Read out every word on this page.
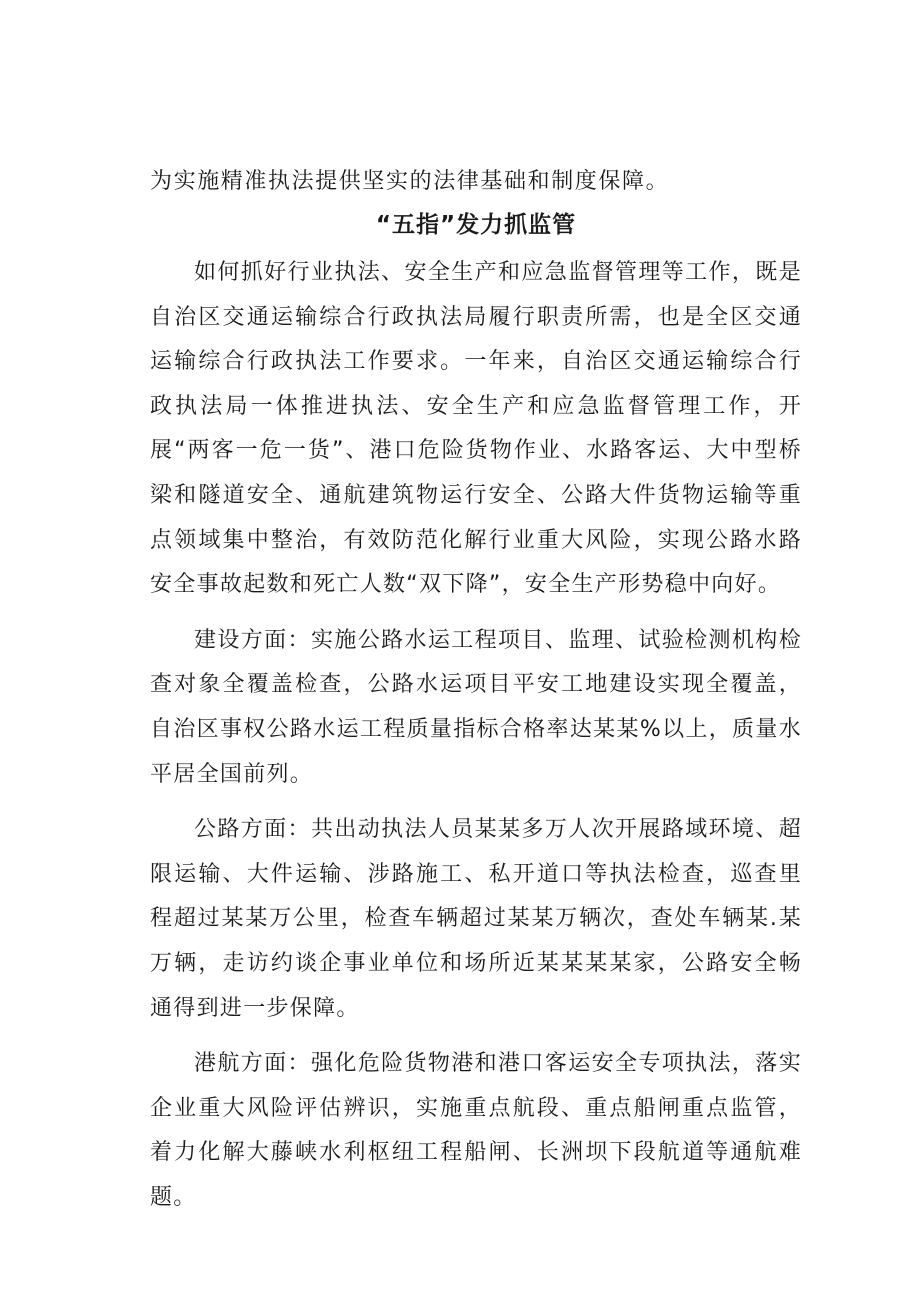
为实施精准执法提供坚实的法律基础和制度保障。

“五指”发力抓监管

如何抓好行业执法、安全生产和应急监督管理等工作，既是自治区交通运输综合行政执法局履行职责所需，也是全区交通运输综合行政执法工作要求。一年来，自治区交通运输综合行政执法局一体推进执法、安全生产和应急监督管理工作，开展“两客一危一货”、港口危险货物作业、水路客运、大中型桥梁和隧道安全、通航建筑物运行安全、公路大件货物运输等重点领域集中整治，有效防范化解行业重大风险，实现公路水路安全事故起数和死亡人数“双下降”，安全生产形势稳中向好。

建设方面：实施公路水运工程项目、监理、试验检测机构检查对象全覆盖检查，公路水运项目平安工地建设实现全覆盖，自治区事权公路水运工程质量指标合格率达某某%以上，质量水平居全国前列。

公路方面：共出动执法人员某某多万人次开展路域环境、超限运输、大件运输、涉路施工、私开道口等执法检查，巡查里程超过某某万公里，检查车辆超过某某万辆次，查处车辆某.某万辆，走访约谈企事业单位和场所近某某某某家，公路安全畅通得到进一步保障。

港航方面：强化危险货物港和港口客运安全专项执法，落实企业重大风险评估辨识，实施重点航段、重点船闸重点监管，着力化解大藤峡水利枢纽工程船闸、长洲坝下段航道等通航难题。
